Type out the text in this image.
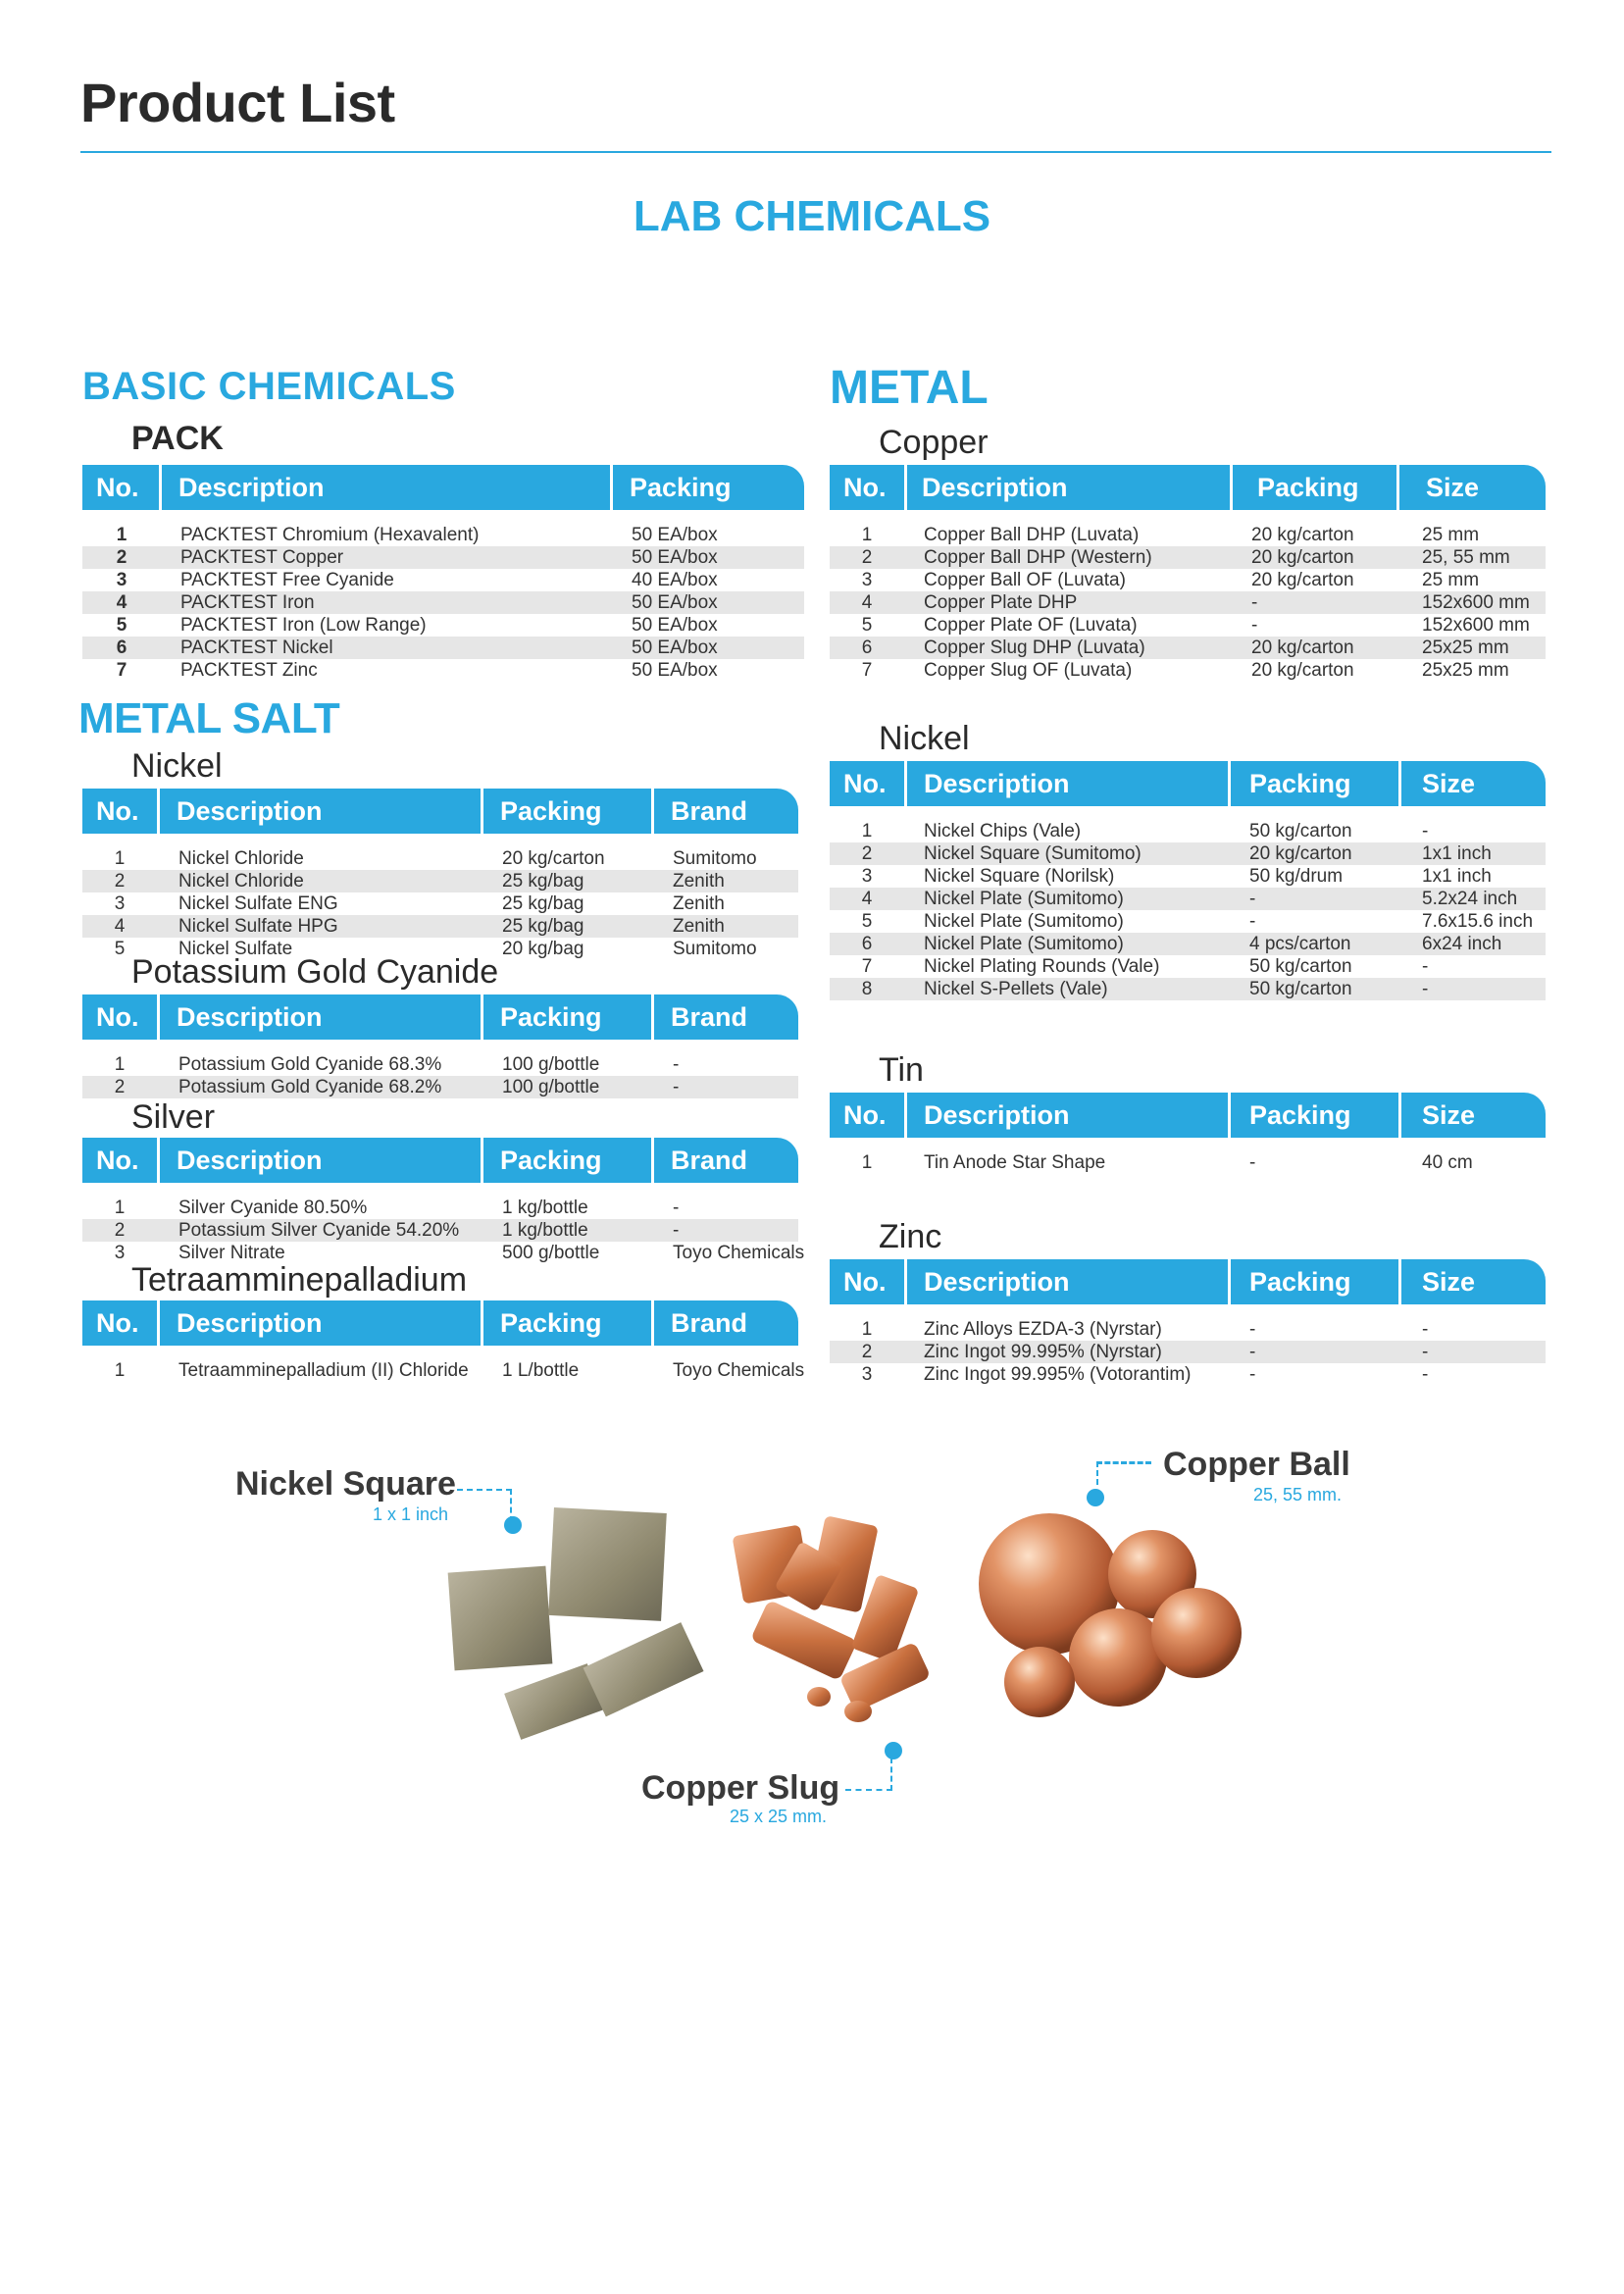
Product List
LAB CHEMICALS
BASIC CHEMICALS	METAL
METAL SALT
PACK
Nickel
Potassium Gold Cyanide
Silver
Tetraamminepalladium
Copper
Nickel
Tin
Zinc
No. Description	Packing
1	PACKTEST Chromium (Hexavalent)	50 EA/box
2	PACKTEST Copper	50 EA/box
3	PACKTEST Free Cyanide	40 EA/box
4	PACKTEST Iron	50 EA/box
5	PACKTEST Iron (Low Range)	50 EA/box
6	PACKTEST Nickel	50 EA/box
7	PACKTEST Zinc	50 EA/box
No. Description	Packing	Brand
1	Nickel Chloride	20 kg/carton	Sumitomo
2	Nickel Chloride	25 kg/bag	Zenith
3	Nickel Sulfate ENG	25 kg/bag	Zenith
4	Nickel Sulfate HPG	25 kg/bag	Zenith
5	Nickel Sulfate	20 kg/bag	Sumitomo
No. Description	Packing	Brand
1	Potassium Gold Cyanide 68.3%	100 g/bottle	-
2	Potassium Gold Cyanide 68.2%	100 g/bottle	-
No. Description	Packing	Brand
1	Silver Cyanide 80.50%	1 kg/bottle	-
2	Potassium Silver Cyanide 54.20% 1 kg/bottle	-
3	Silver Nitrate	500 g/bottle	Toyo Chemicals
No. Description	Packing	Brand
1	Tetraamminepalladium (II) Chloride 1 L/bottle	Toyo Chemicals
No. Description	Packing	Size
1	Copper Ball DHP (Luvata)	20 kg/carton	25 mm
2	Copper Ball DHP (Western)	20 kg/carton	25, 55 mm
3	Copper Ball OF (Luvata)	20 kg/carton	25 mm
4	Copper Plate DHP	-	152x600 mm
5	Copper Plate OF (Luvata)	-	152x600 mm
6	Copper Slug DHP (Luvata)	20 kg/carton	25x25 mm
7	Copper Slug OF (Luvata)	20 kg/carton	25x25 mm
No. Description	Packing	Size
1	Nickel Chips (Vale)	50 kg/carton	-
2	Nickel Square (Sumitomo)	20 kg/carton	1x1 inch
3	Nickel Square (Norilsk)	50 kg/drum	1x1 inch
4	Nickel Plate (Sumitomo)	-	5.2x24 inch
5	Nickel Plate (Sumitomo)	-	7.6x15.6 inch
6	Nickel Plate (Sumitomo)	4 pcs/carton	6x24 inch
7	Nickel Plating Rounds (Vale)	50 kg/carton	-
8	Nickel S-Pellets (Vale)	50 kg/carton	-
No. Description	Packing	Size
1	Tin Anode Star Shape	-	40 cm
No. Description	Packing	Size
1	Zinc Alloys EZDA-3 (Nyrstar)	-	-
2	Zinc Ingot 99.995% (Nyrstar)	-	-
3	Zinc Ingot 99.995% (Votorantim)	-	-
Nickel Square
1 x 1 inch
Copper Ball
25, 55 mm.
Copper Slug
25 x 25 mm.
